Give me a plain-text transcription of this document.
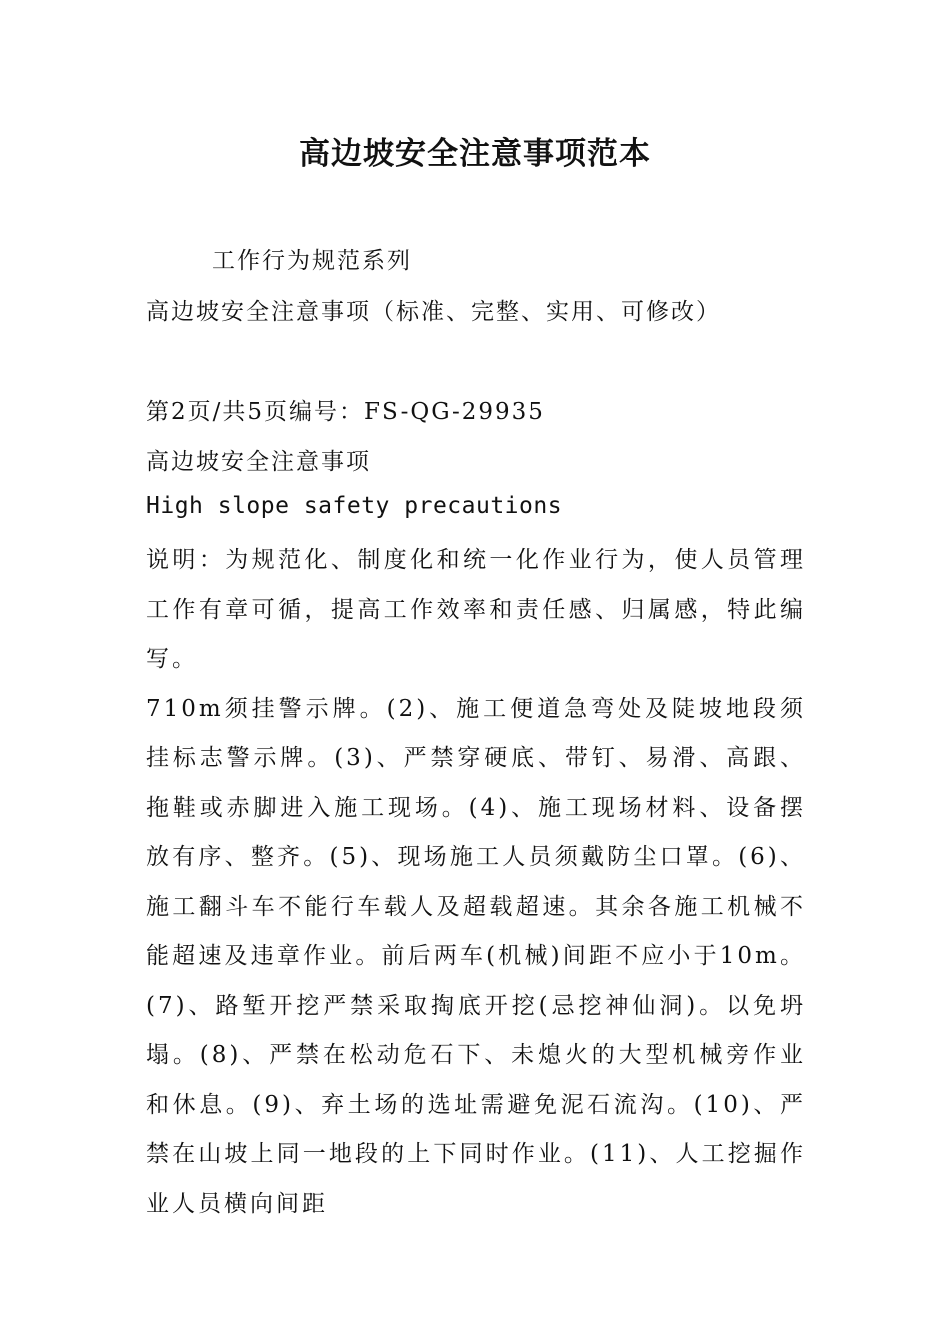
高边坡安全注意事项范本

工作行为规范系列

高边坡安全注意事项（标准、完整、实用、可修改）

第2页/共5页编号：FS-QG-29935

高边坡安全注意事项

High slope safety precautions

说明：为规范化、制度化和统一化作业行为，使人员管理工作有章可循，提高工作效率和责任感、归属感，特此编写。

710m须挂警示牌。(2)、施工便道急弯处及陡坡地段须挂标志警示牌。(3)、严禁穿硬底、带钉、易滑、高跟、拖鞋或赤脚进入施工现场。(4)、施工现场材料、设备摆放有序、整齐。(5)、现场施工人员须戴防尘口罩。(6)、施工翻斗车不能行车载人及超载超速。其余各施工机械不能超速及违章作业。前后两车(机械)间距不应小于10m。(7)、路堑开挖严禁采取掏底开挖(忌挖神仙洞)。以免坍塌。(8)、严禁在松动危石下、未熄火的大型机械旁作业和休息。(9)、弃土场的选址需避免泥石流沟。(10)、严禁在山坡上同一地段的上下同时作业。(11)、人工挖掘作业人员横向间距
